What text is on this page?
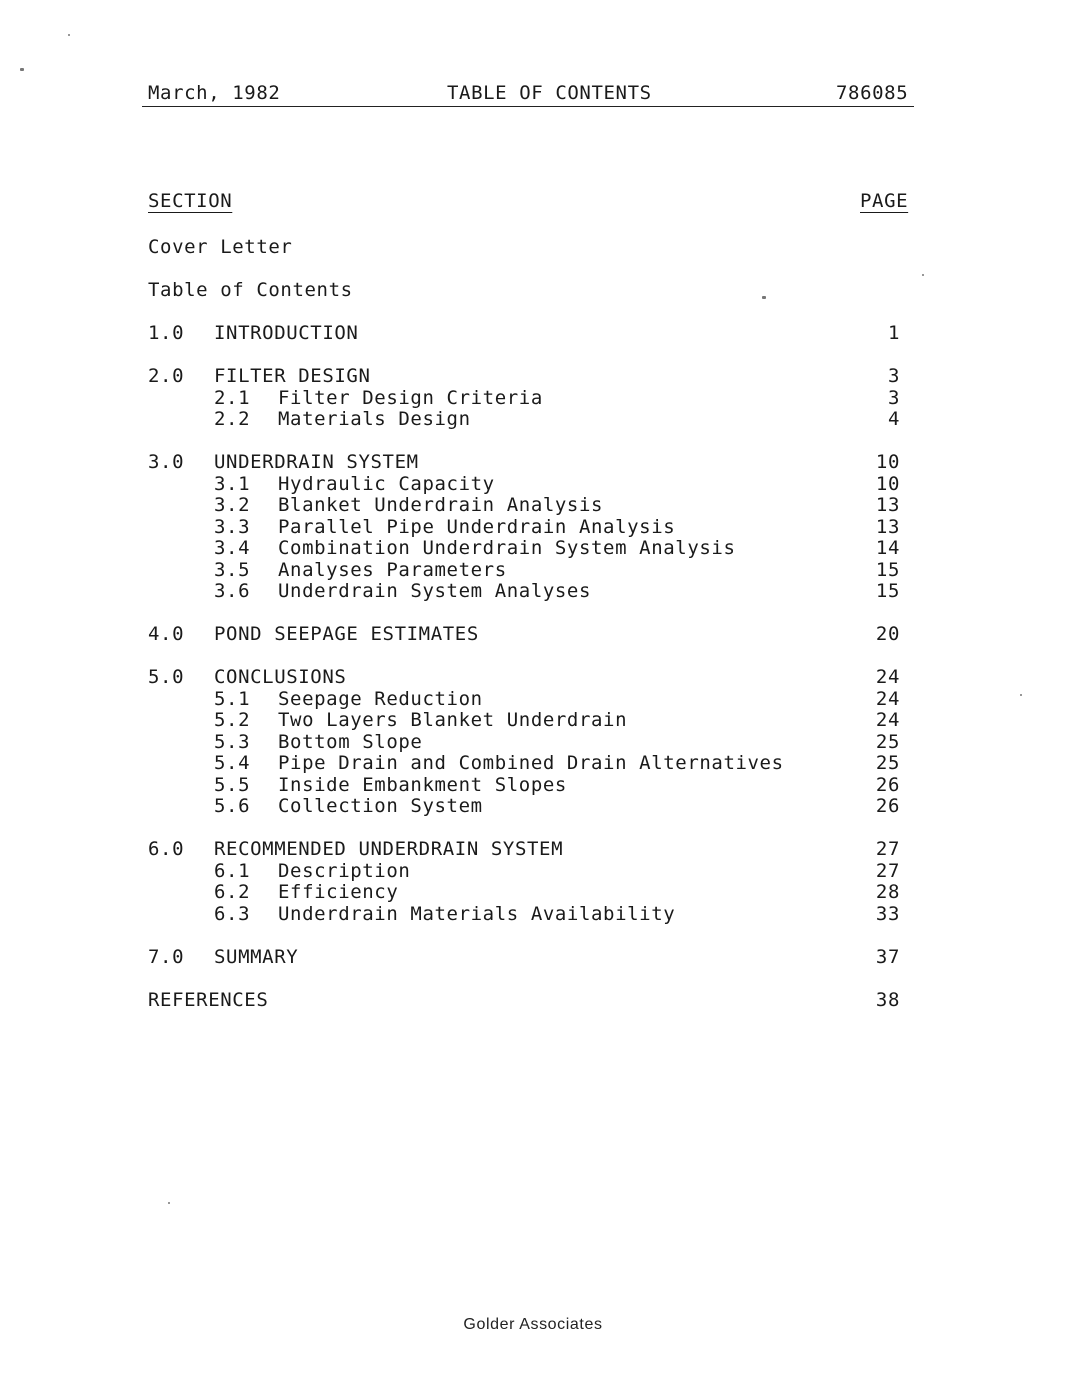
March, 1982	TABLE OF CONTENTS	786085
SECTION	PAGE
Cover Letter
Table of Contents
1.0 INTRODUCTION	1
2.0 FILTER DESIGN	3
2.1 Filter Design Criteria	3
2.2 Materials Design	4
3.0 UNDERDRAIN SYSTEM	10
3.1 Hydraulic Capacity	10
3.2 Blanket Underdrain Analysis	13
3.3 Parallel Pipe Underdrain Analysis	13
3.4 Combination Underdrain System Analysis	14
3.5 Analyses Parameters	15
3.6 Underdrain System Analyses	15
4.0 POND SEEPAGE ESTIMATES	20
5.0 CONCLUSIONS	24
5.1 Seepage Reduction	24
5.2 Two Layers Blanket Underdrain	24
5.3 Bottom Slope	25
5.4 Pipe Drain and Combined Drain Alternatives	25
5.5 Inside Embankment Slopes	26
5.6 Collection System	26
6.0 RECOMMENDED UNDERDRAIN SYSTEM	27
6.1 Description	27
6.2 Efficiency	28
6.3 Underdrain Materials Availability	33
7.0 SUMMARY	37
REFERENCES	38
Golder Associates
